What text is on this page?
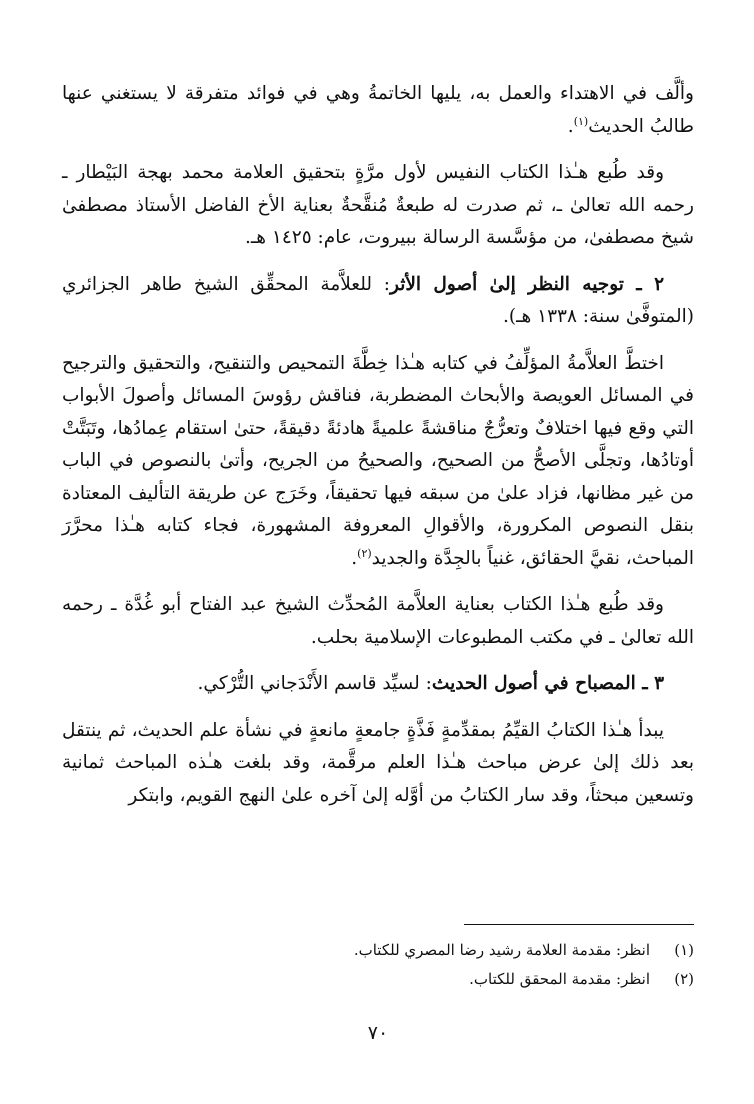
وألَّف في الاهتداء والعمل به، يليها الخاتمةُ وهي في فوائد متفرقة لا يستغني عنها طالبُ الحديث$^{(١)}$.

وقد طُبع هـٰذا الكتاب النفيس لأول مرَّةٍ بتحقيق العلامة محمد بهجة البَيْطار ـ رحمه الله تعالىٰ ـ، ثم صدرت له طبعةٌ مُنقَّحةٌ بعناية الأخ الفاضل الأستاذ مصطفىٰ شيخ مصطفىٰ، من مؤسَّسة الرسالة ببيروت، عام: ١٤٢٥ هـ.

٢ ـ توجيه النظر إلىٰ أصول الأثر: للعلاَّمة المحقِّق الشيخ طاهر الجزائري (المتوفَّىٰ سنة: ١٣٣٨ هـ).

اختطَّ العلاَّمةُ المؤلِّفُ في كتابه هـٰذا خِطَّةَ التمحيص والتنقيح، والتحقيق والترجيح في المسائل العويصة والأبحاث المضطربة، فناقش رؤوسَ المسائل وأصولَ الأبواب التي وقع فيها اختلافٌ وتعرُّجٌ مناقشةً علميةً هادئةً دقيقةً، حتىٰ استقام عِمادُها، وتَبَتَّتْ أوتادُها، وتجلَّى الأصحُّ من الصحيح، والصحيحُ من الجريح، وأتىٰ بالنصوص في الباب من غير مظانها، فزاد علىٰ من سبقه فيها تحقيقاً، وخَرَج عن طريقة التأليف المعتادة بنقل النصوص المكرورة، والأقوالِ المعروفة المشهورة، فجاء كتابه هـٰذا محرَّرَ المباحث، نقيَّ الحقائق، غنياً بالجِدَّة والجديد$^{(٢)}$.

وقد طُبع هـٰذا الكتاب بعناية العلاَّمة المُحدِّث الشيخ عبد الفتاح أبو غُدَّة ـ رحمه الله تعالىٰ ـ في مكتب المطبوعات الإسلامية بحلب.

٣ ـ المصباح في أصول الحديث: لسيِّد قاسم الأَنْدَجاني التُّرْكي.

يبدأ هـٰذا الكتابُ القيِّمُ بمقدِّمةٍ فَذَّةٍ جامعةٍ مانعةٍ في نشأة علم الحديث، ثم ينتقل بعد ذلك إلىٰ عرض مباحث هـٰذا العلم مرقَّمة، وقد بلغت هـٰذه المباحث ثمانية وتسعين مبحثاً، وقد سار الكتابُ من أوَّله إلىٰ آخره علىٰ النهج القويم، وابتكر

(١)
انظر: مقدمة العلامة رشيد رضا المصري للكتاب.
(٢)
انظر: مقدمة المحقق للكتاب.
٧٠
